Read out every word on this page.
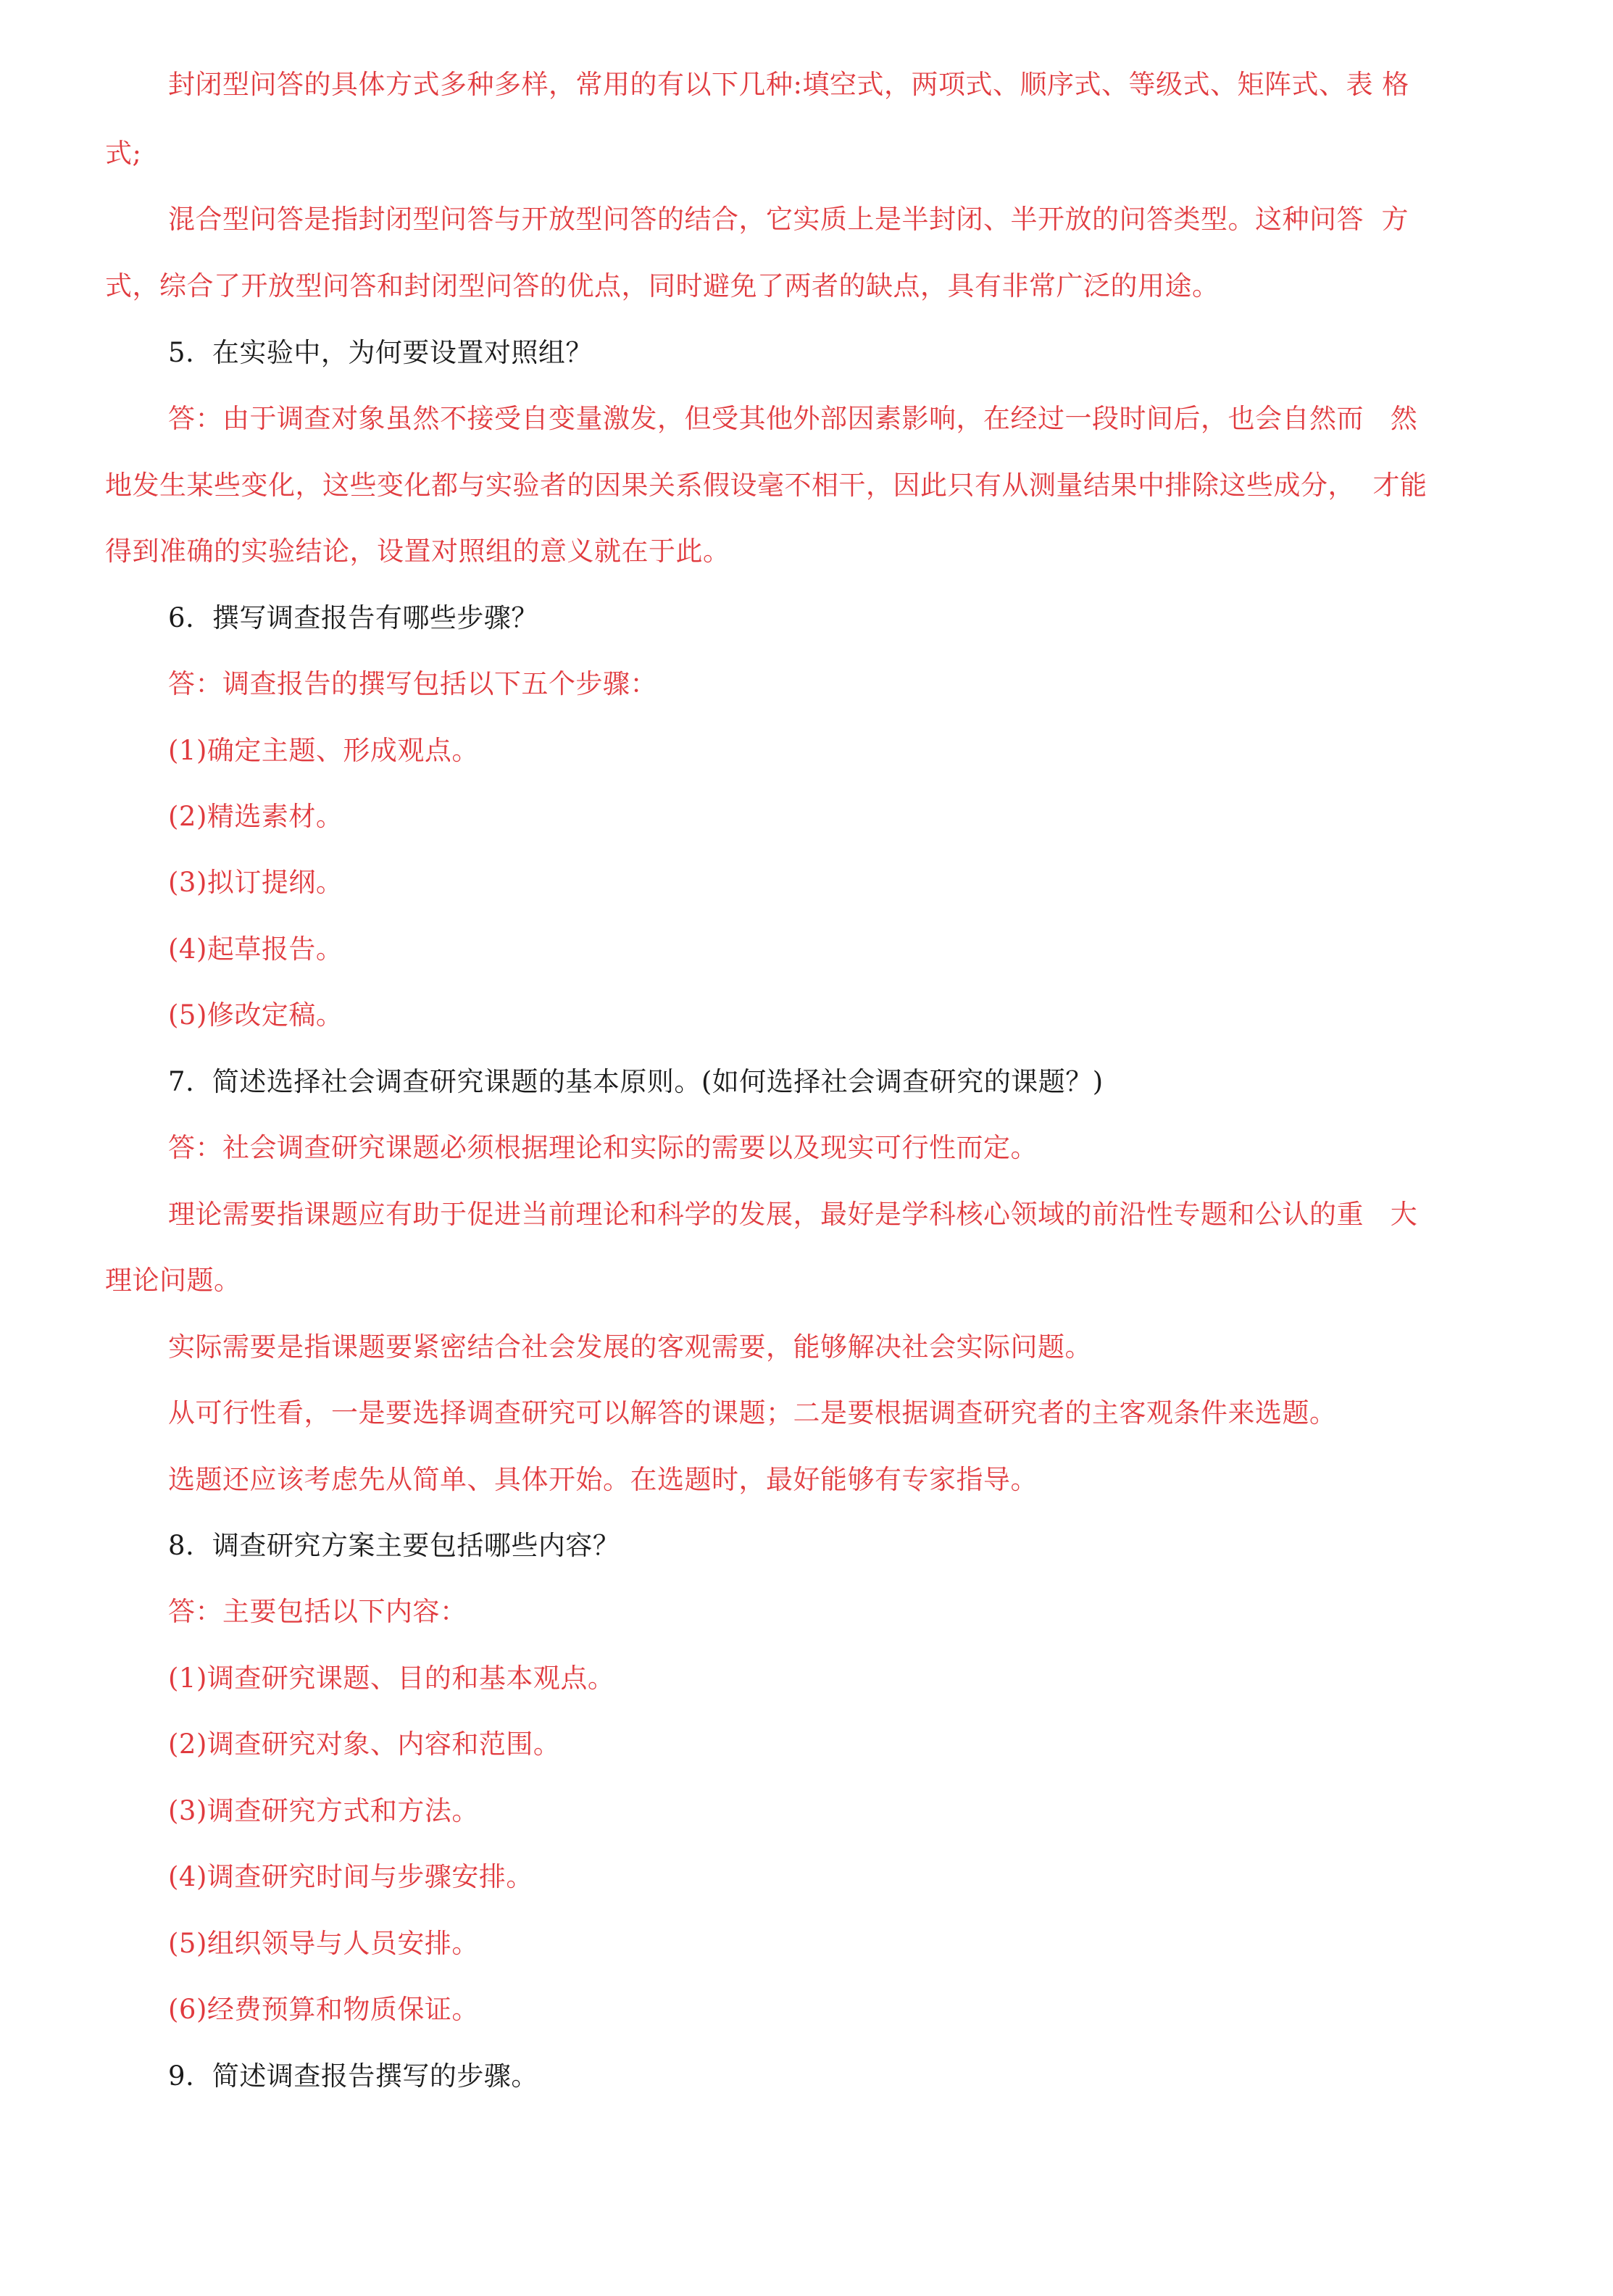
封闭型问答的具体方式多种多样，常用的有以下几种:填空式，两项式、顺序式、等级式、矩阵式、表 格
式;
混合型问答是指封闭型问答与开放型问答的结合，它实质上是半封闭、半开放的问答类型。这种问答  方
式，综合了开放型问答和封闭型问答的优点，同时避免了两者的缺点，具有非常广泛的用途。
5.  在实验中，为何要设置对照组？
答：由于调查对象虽然不接受自变量激发，但受其他外部因素影响，在经过一段时间后，也会自然而   然
地发生某些变化，这些变化都与实验者的因果关系假设毫不相干，因此只有从测量结果中排除这些成分，  才能
得到准确的实验结论，设置对照组的意义就在于此。
6.  撰写调查报告有哪些步骤？
答：调查报告的撰写包括以下五个步骤：
(1)确定主题、形成观点。
(2)精选素材。
(3)拟订提纲。
(4)起草报告。
(5)修改定稿。
7.  简述选择社会调查研究课题的基本原则。(如何选择社会调查研究的课题？)
答：社会调查研究课题必须根据理论和实际的需要以及现实可行性而定。
理论需要指课题应有助于促进当前理论和科学的发展，最好是学科核心领域的前沿性专题和公认的重   大
理论问题。
实际需要是指课题要紧密结合社会发展的客观需要，能够解决社会实际问题。
从可行性看，一是要选择调查研究可以解答的课题；二是要根据调查研究者的主客观条件来选题。
选题还应该考虑先从简单、具体开始。在选题时，最好能够有专家指导。
8.  调查研究方案主要包括哪些内容？
答：主要包括以下内容：
(1)调查研究课题、目的和基本观点。
(2)调查研究对象、内容和范围。
(3)调查研究方式和方法。
(4)调查研究时间与步骤安排。
(5)组织领导与人员安排。
(6)经费预算和物质保证。
9.  简述调查报告撰写的步骤。
